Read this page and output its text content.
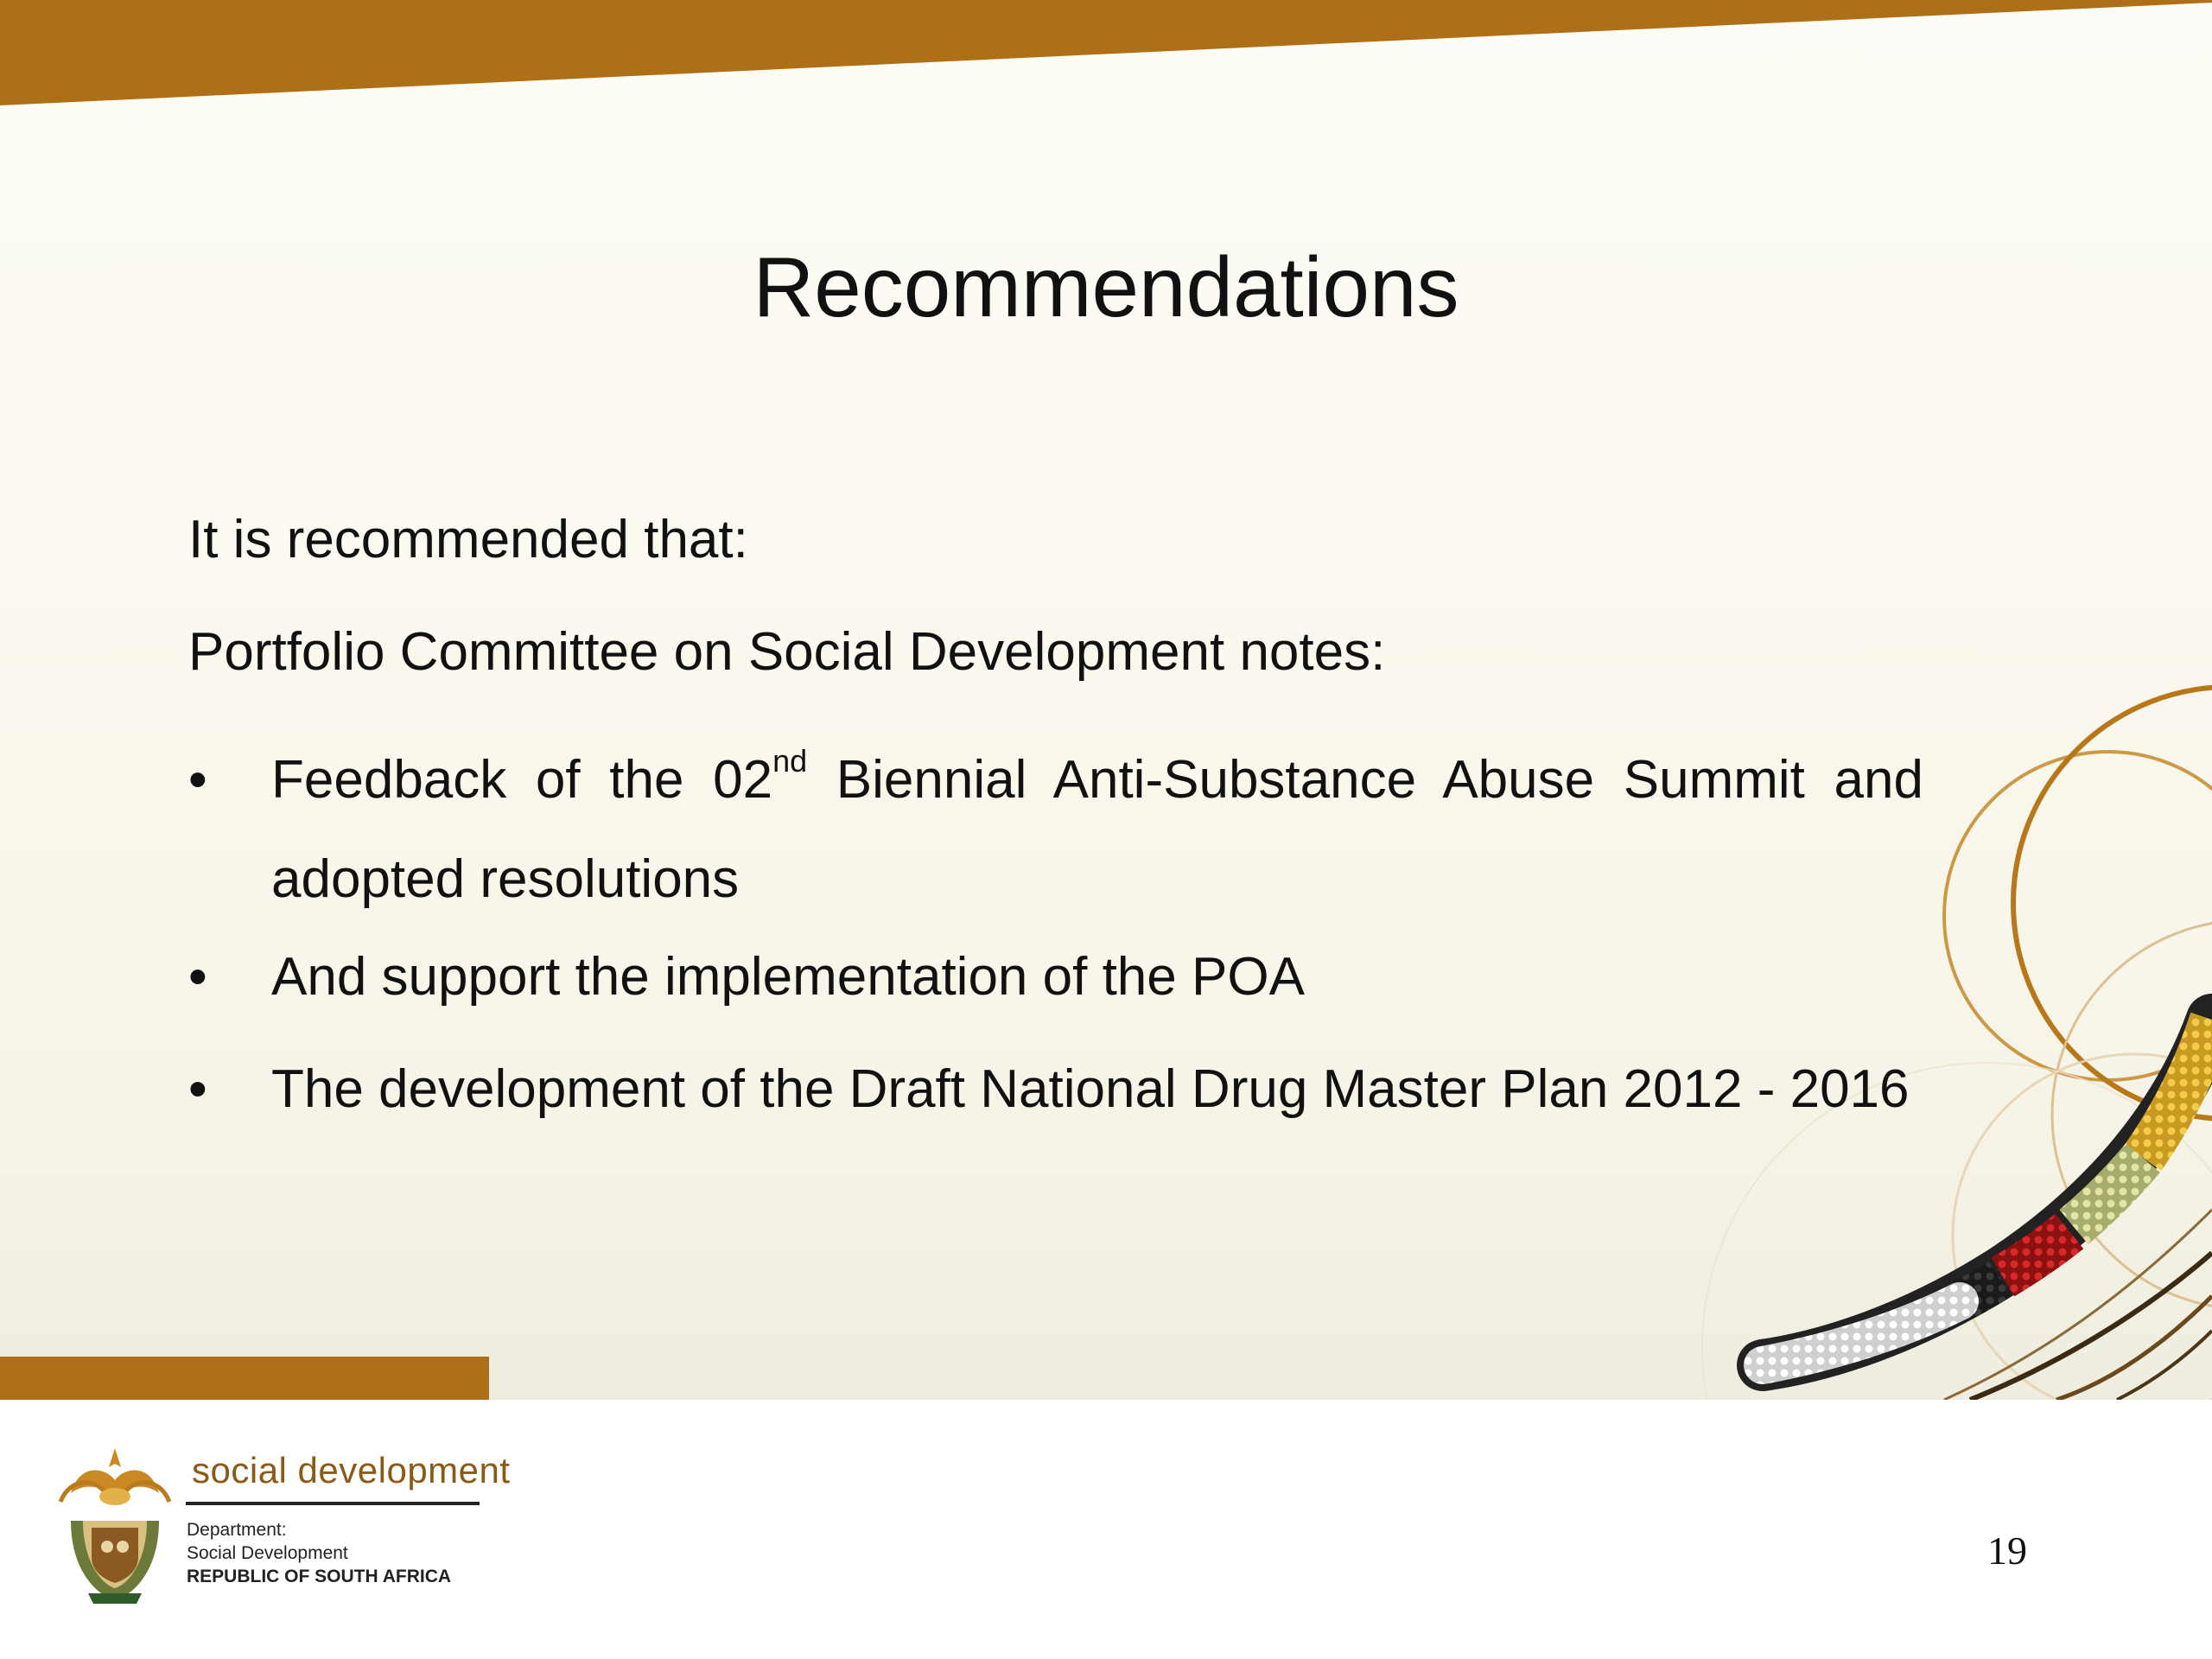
Recommendations
It is recommended that:
Portfolio Committee on Social Development notes:
• Feedback of the 02nd Biennial Anti-Substance Abuse Summit and adopted resolutions
• And support the implementation of the POA
• The development of the Draft National Drug Master Plan 2012 - 2016
social development
Department:
Social Development
REPUBLIC OF SOUTH AFRICA
19
